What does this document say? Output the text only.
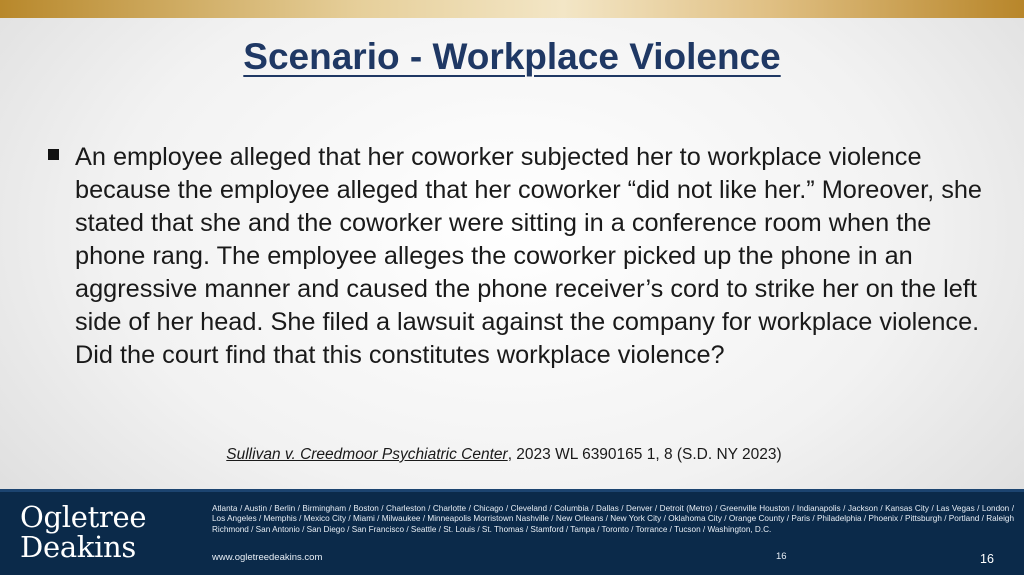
Scenario - Workplace Violence
An employee alleged that her coworker subjected her to workplace violence because the employee alleged that her coworker “did not like her.” Moreover, she stated that she and the coworker were sitting in a conference room when the phone rang. The employee alleges the coworker picked up the phone in an aggressive manner and caused the phone receiver’s cord to strike her on the left side of her head. She filed a lawsuit against the company for workplace violence. Did the court find that this constitutes workplace violence?
Sullivan v. Creedmoor Psychiatric Center, 2023 WL 6390165 1, 8 (S.D. NY 2023)
Ogletree
Deakins
Atlanta / Austin / Berlin / Birmingham / Boston / Charleston / Charlotte / Chicago / Cleveland / Columbia / Dallas / Denver / Detroit (Metro) / Greenville Houston / Indianapolis / Jackson / Kansas City / Las Vegas / London / Los Angeles / Memphis / Mexico City / Miami / Milwaukee / Minneapolis Morristown Nashville / New Orleans / New York City / Oklahoma City / Orange County / Paris / Philadelphia / Phoenix / Pittsburgh / Portland / Raleigh Richmond / San Antonio / San Diego / San Francisco / Seattle / St. Louis / St. Thomas / Stamford / Tampa / Toronto / Torrance / Tucson / Washington, D.C.
www.ogletreedeakins.com	16	16
